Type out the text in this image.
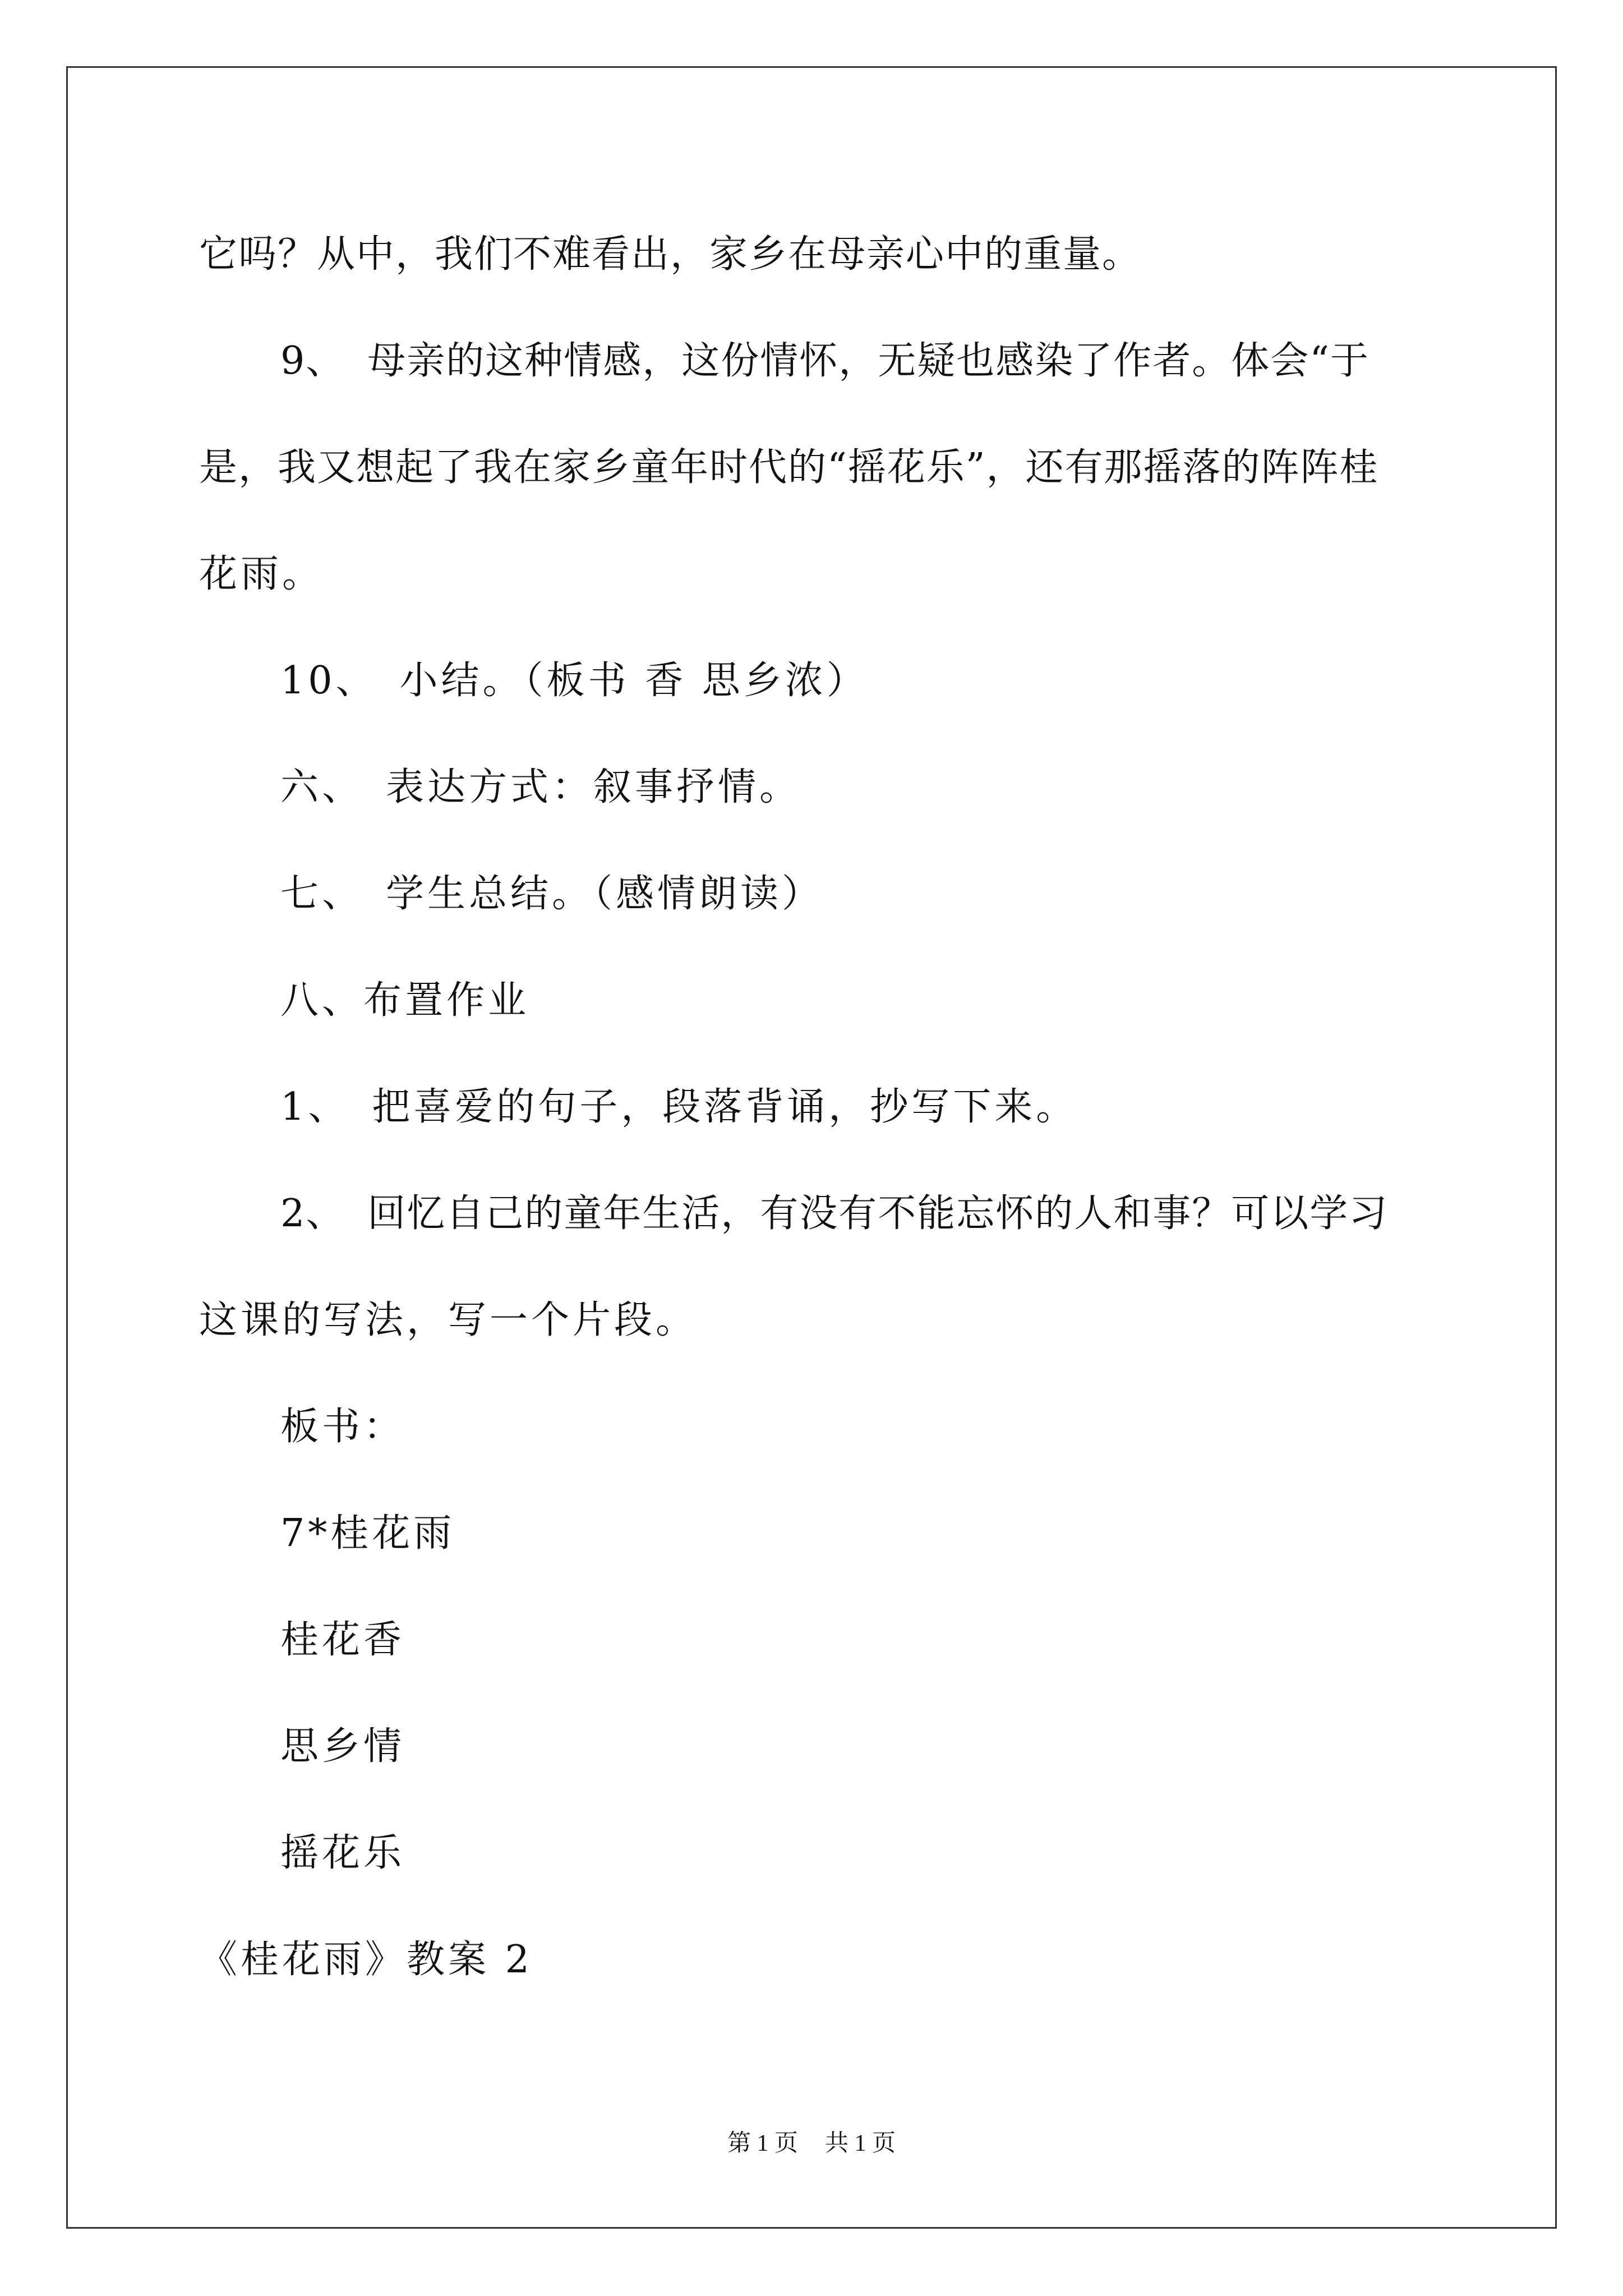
它吗？从中，我们不难看出，家乡在母亲心中的重量。
9、 母亲的这种情感，这份情怀，无疑也感染了作者。体会“于
是，我又想起了我在家乡童年时代的“摇花乐”，还有那摇落的阵阵桂
花雨。
10、 小结。（板书 香 思乡浓）
六、 表达方式：叙事抒情。
七、 学生总结。（感情朗读）
八、布置作业
1、 把喜爱的句子，段落背诵，抄写下来。
2、 回忆自己的童年生活，有没有不能忘怀的人和事？可以学习
这课的写法，写一个片段。
板书：
7*桂花雨
桂花香
思乡情
摇花乐
《桂花雨》教案 2
第 1 页 共 1 页
